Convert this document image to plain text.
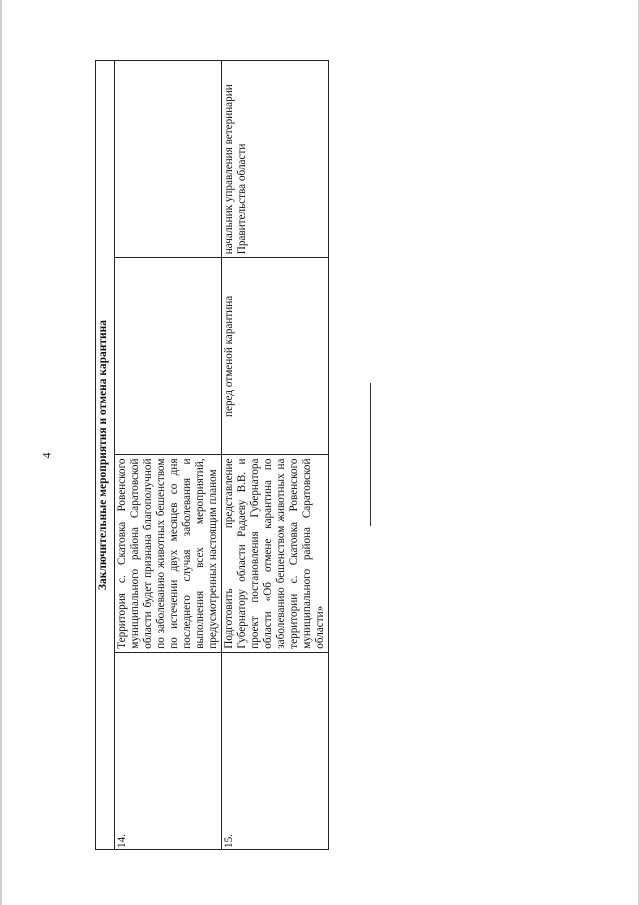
4	Заключительные мероприятия и отмена карантина			
14.	Территория с. Скатовка Ровенского муниципального района Саратовской области будет признана благополучной по заболеванию животных бешенством по истечении двух месяцев со дня последнего случая заболевания и выполнения всех мероприятий, предусмотренных настоящим планом		
15.	Подготовить представление Губернатору области Радаеву В.В. и проект постановления Губернатора области «Об отмене карантина по заболеванию бешенством животных на территории с. Скатовка Ровенского муниципального района Саратовской области»	перед отменой карантина	начальник управления ветеринарии Правительства области
